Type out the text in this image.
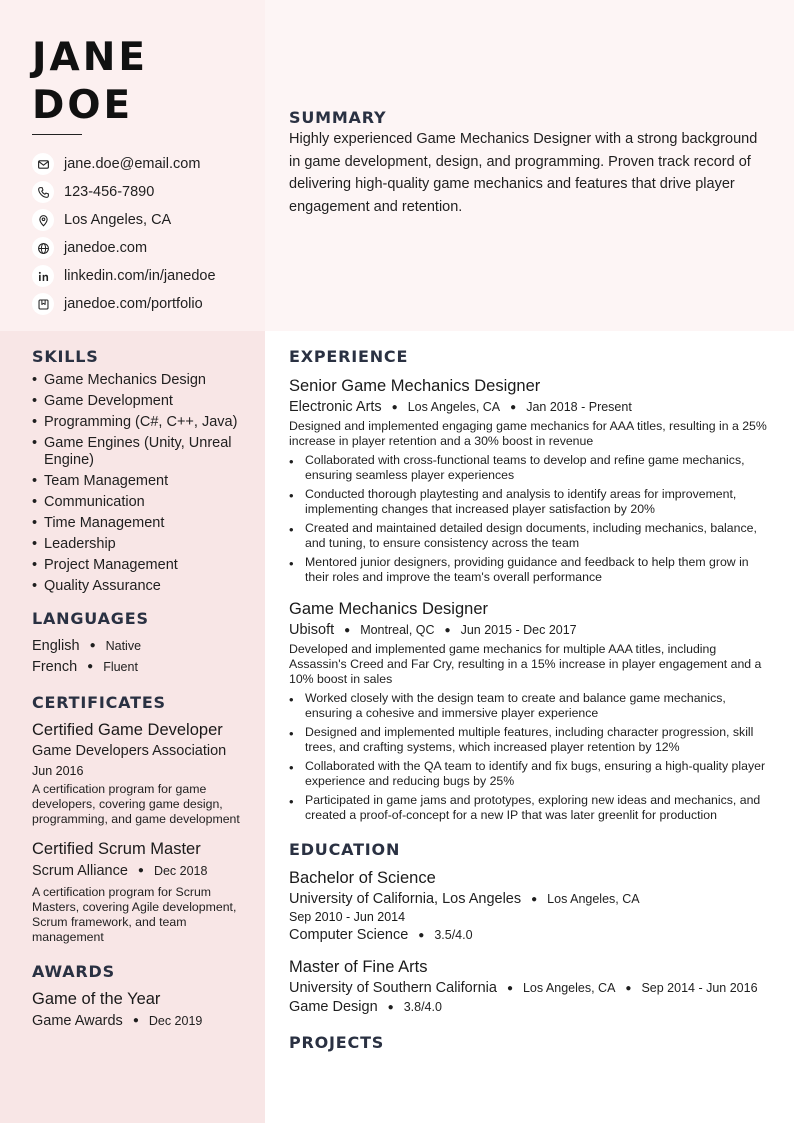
JANE
DOE
jane.doe@email.com
123-456-7890
Los Angeles, CA
janedoe.com
linkedin.com/in/janedoe
janedoe.com/portfolio
SUMMARY
Highly experienced Game Mechanics Designer with a strong background in game development, design, and programming. Proven track record of delivering high-quality game mechanics and features that drive player engagement and retention.
SKILLS
• Game Mechanics Design
• Game Development
• Programming (C#, C++, Java)
• Game Engines (Unity, Unreal Engine)
• Team Management
• Communication
• Time Management
• Leadership
• Project Management
• Quality Assurance
LANGUAGES
English ● Native
French ● Fluent
CERTIFICATES
Certified Game Developer
Game Developers Association
Jun 2016
A certification program for game developers, covering game design, programming, and game development
Certified Scrum Master
Scrum Alliance ● Dec 2018
A certification program for Scrum Masters, covering Agile development, Scrum framework, and team management
AWARDS
Game of the Year
Game Awards ● Dec 2019
EXPERIENCE
Senior Game Mechanics Designer
Electronic Arts ● Los Angeles, CA ● Jan 2018 - Present
Designed and implemented engaging game mechanics for AAA titles, resulting in a 25% increase in player retention and a 30% boost in revenue
• Collaborated with cross-functional teams to develop and refine game mechanics, ensuring seamless player experiences
• Conducted thorough playtesting and analysis to identify areas for improvement, implementing changes that increased player satisfaction by 20%
• Created and maintained detailed design documents, including mechanics, balance, and tuning, to ensure consistency across the team
• Mentored junior designers, providing guidance and feedback to help them grow in their roles and improve the team's overall performance
Game Mechanics Designer
Ubisoft ● Montreal, QC ● Jun 2015 - Dec 2017
Developed and implemented game mechanics for multiple AAA titles, including Assassin's Creed and Far Cry, resulting in a 15% increase in player engagement and a 10% boost in sales
• Worked closely with the design team to create and balance game mechanics, ensuring a cohesive and immersive player experience
• Designed and implemented multiple features, including character progression, skill trees, and crafting systems, which increased player retention by 12%
• Collaborated with the QA team to identify and fix bugs, ensuring a high-quality player experience and reducing bugs by 25%
• Participated in game jams and prototypes, exploring new ideas and mechanics, and created a proof-of-concept for a new IP that was later greenlit for production
EDUCATION
Bachelor of Science
University of California, Los Angeles ● Los Angeles, CA
Sep 2010 - Jun 2014
Computer Science ● 3.5/4.0
Master of Fine Arts
University of Southern California ● Los Angeles, CA ● Sep 2014 - Jun 2016
Game Design ● 3.8/4.0
PROJECTS
